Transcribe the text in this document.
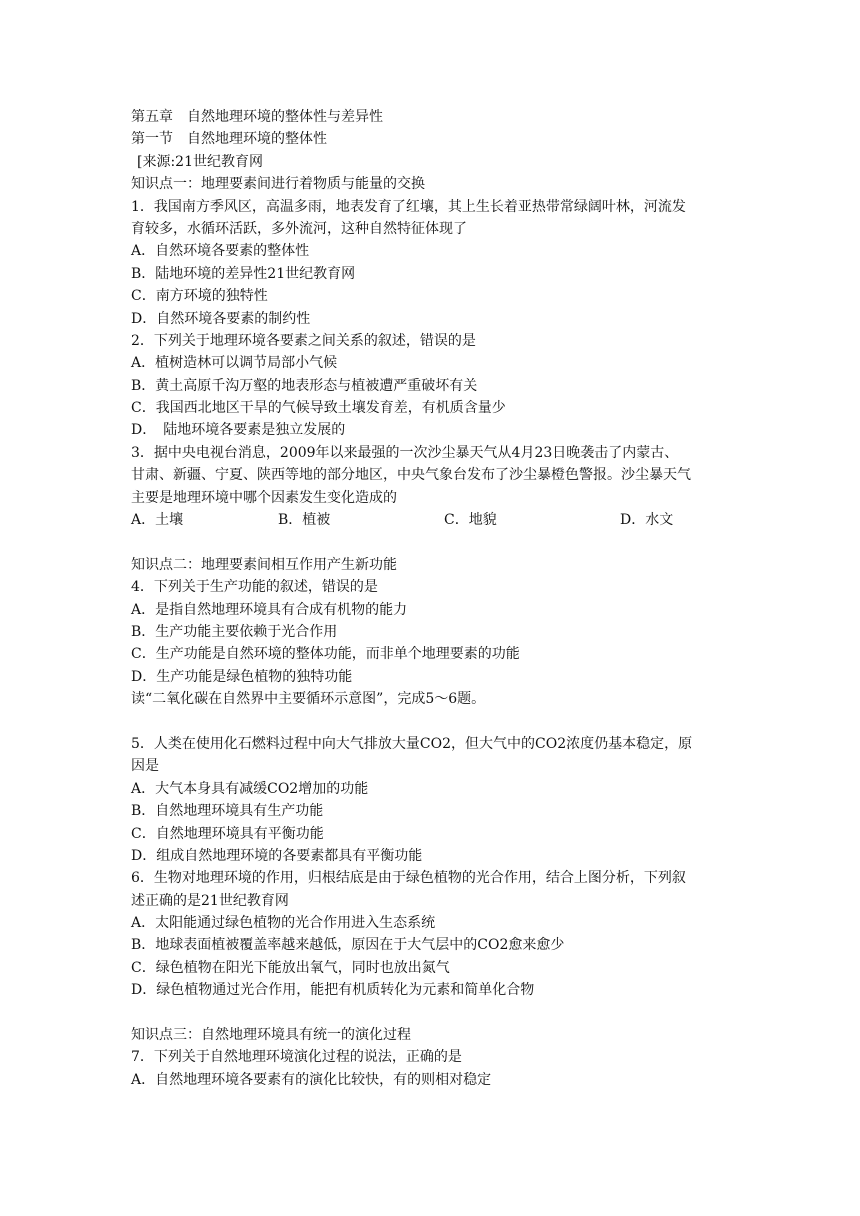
第五章　自然地理环境的整体性与差异性
第一节　自然地理环境的整体性
[来源:21世纪教育网
知识点一：地理要素间进行着物质与能量的交换
1．我国南方季风区，高温多雨，地表发育了红壤，其上生长着亚热带常绿阔叶林，河流发
育较多，水循环活跃，多外流河，这种自然特征体现了
A．自然环境各要素的整体性
B．陆地环境的差异性21世纪教育网
C．南方环境的独特性
D．自然环境各要素的制约性
2．下列关于地理环境各要素之间关系的叙述，错误的是
A．植树造林可以调节局部小气候
B．黄土高原千沟万壑的地表形态与植被遭严重破坏有关
C．我国西北地区干旱的气候导致土壤发育差，有机质含量少
D．　陆地环境各要素是独立发展的
3．据中央电视台消息，2009年以来最强的一次沙尘暴天气从4月23日晚袭击了内蒙古、
甘肃、新疆、宁夏、陕西等地的部分地区，中央气象台发布了沙尘暴橙色警报。沙尘暴天气
主要是地理环境中哪个因素发生变化造成的
A．土壤	B．植被	C．地貌	D．水文
知识点二：地理要素间相互作用产生新功能
4．下列关于生产功能的叙述，错误的是
A．是指自然地理环境具有合成有机物的能力
B．生产功能主要依赖于光合作用
C．生产功能是自然环境的整体功能，而非单个地理要素的功能
D．生产功能是绿色植物的独特功能
读“二氧化碳在自然界中主要循环示意图”，完成5～6题。
5．人类在使用化石燃料过程中向大气排放大量CO2，但大气中的CO2浓度仍基本稳定，原
因是
A．大气本身具有减缓CO2增加的功能
B．自然地理环境具有生产功能
C．自然地理环境具有平衡功能
D．组成自然地理环境的各要素都具有平衡功能
6．生物对地理环境的作用，归根结底是由于绿色植物的光合作用，结合上图分析，下列叙
述正确的是21世纪教育网
A．太阳能通过绿色植物的光合作用进入生态系统
B．地球表面植被覆盖率越来越低，原因在于大气层中的CO2愈来愈少
C．绿色植物在阳光下能放出氧气，同时也放出氮气
D．绿色植物通过光合作用，能把有机质转化为元素和简单化合物
知识点三：自然地理环境具有统一的演化过程
7．下列关于自然地理环境演化过程的说法，正确的是
A．自然地理环境各要素有的演化比较快，有的则相对稳定
